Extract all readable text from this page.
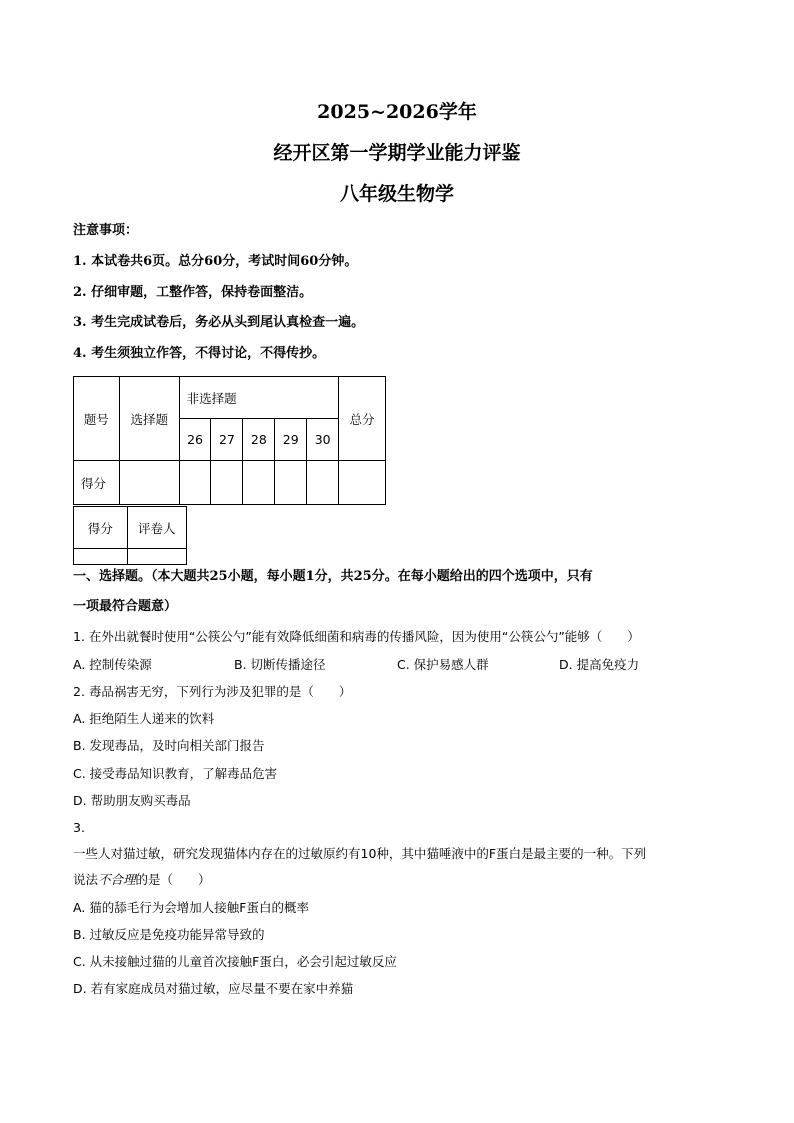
2025~2026学年
经开区第一学期学业能力评鉴
八年级生物学
注意事项：
1. 本试卷共6页。总分60分，考试时间60分钟。
2. 仔细审题，工整作答，保持卷面整洁。
3. 考生完成试卷后，务必从头到尾认真检查一遍。
4. 考生须独立作答，不得讨论，不得传抄。
题号	选择题	非选择题					总分
		26	27	28	29	30	
得分							
得分	评卷人

一、选择题。（本大题共25小题，每小题1分，共25分。在每小题给出的四个选项中，只有
一项最符合题意）
1. 在外出就餐时使用“公筷公勺”能有效降低细菌和病毒的传播风险，因为使用“公筷公勺”能够（　　）
A. 控制传染源	B. 切断传播途径	C. 保护易感人群	D. 提高免疫力
2. 毒品祸害无穷，下列行为涉及犯罪的是（　　）
A. 拒绝陌生人递来的饮料
B. 发现毒品，及时向相关部门报告
C. 接受毒品知识教育，了解毒品危害
D. 帮助朋友购买毒品
3.
一些人对猫过敏，研究发现猫体内存在的过敏原约有10种，其中猫唾液中的F蛋白是最主要的一种。下列
说法不合理的是（　　）
A. 猫的舔毛行为会增加人接触F蛋白的概率
B. 过敏反应是免疫功能异常导致的
C. 从未接触过猫的儿童首次接触F蛋白，必会引起过敏反应
D. 若有家庭成员对猫过敏，应尽量不要在家中养猫
